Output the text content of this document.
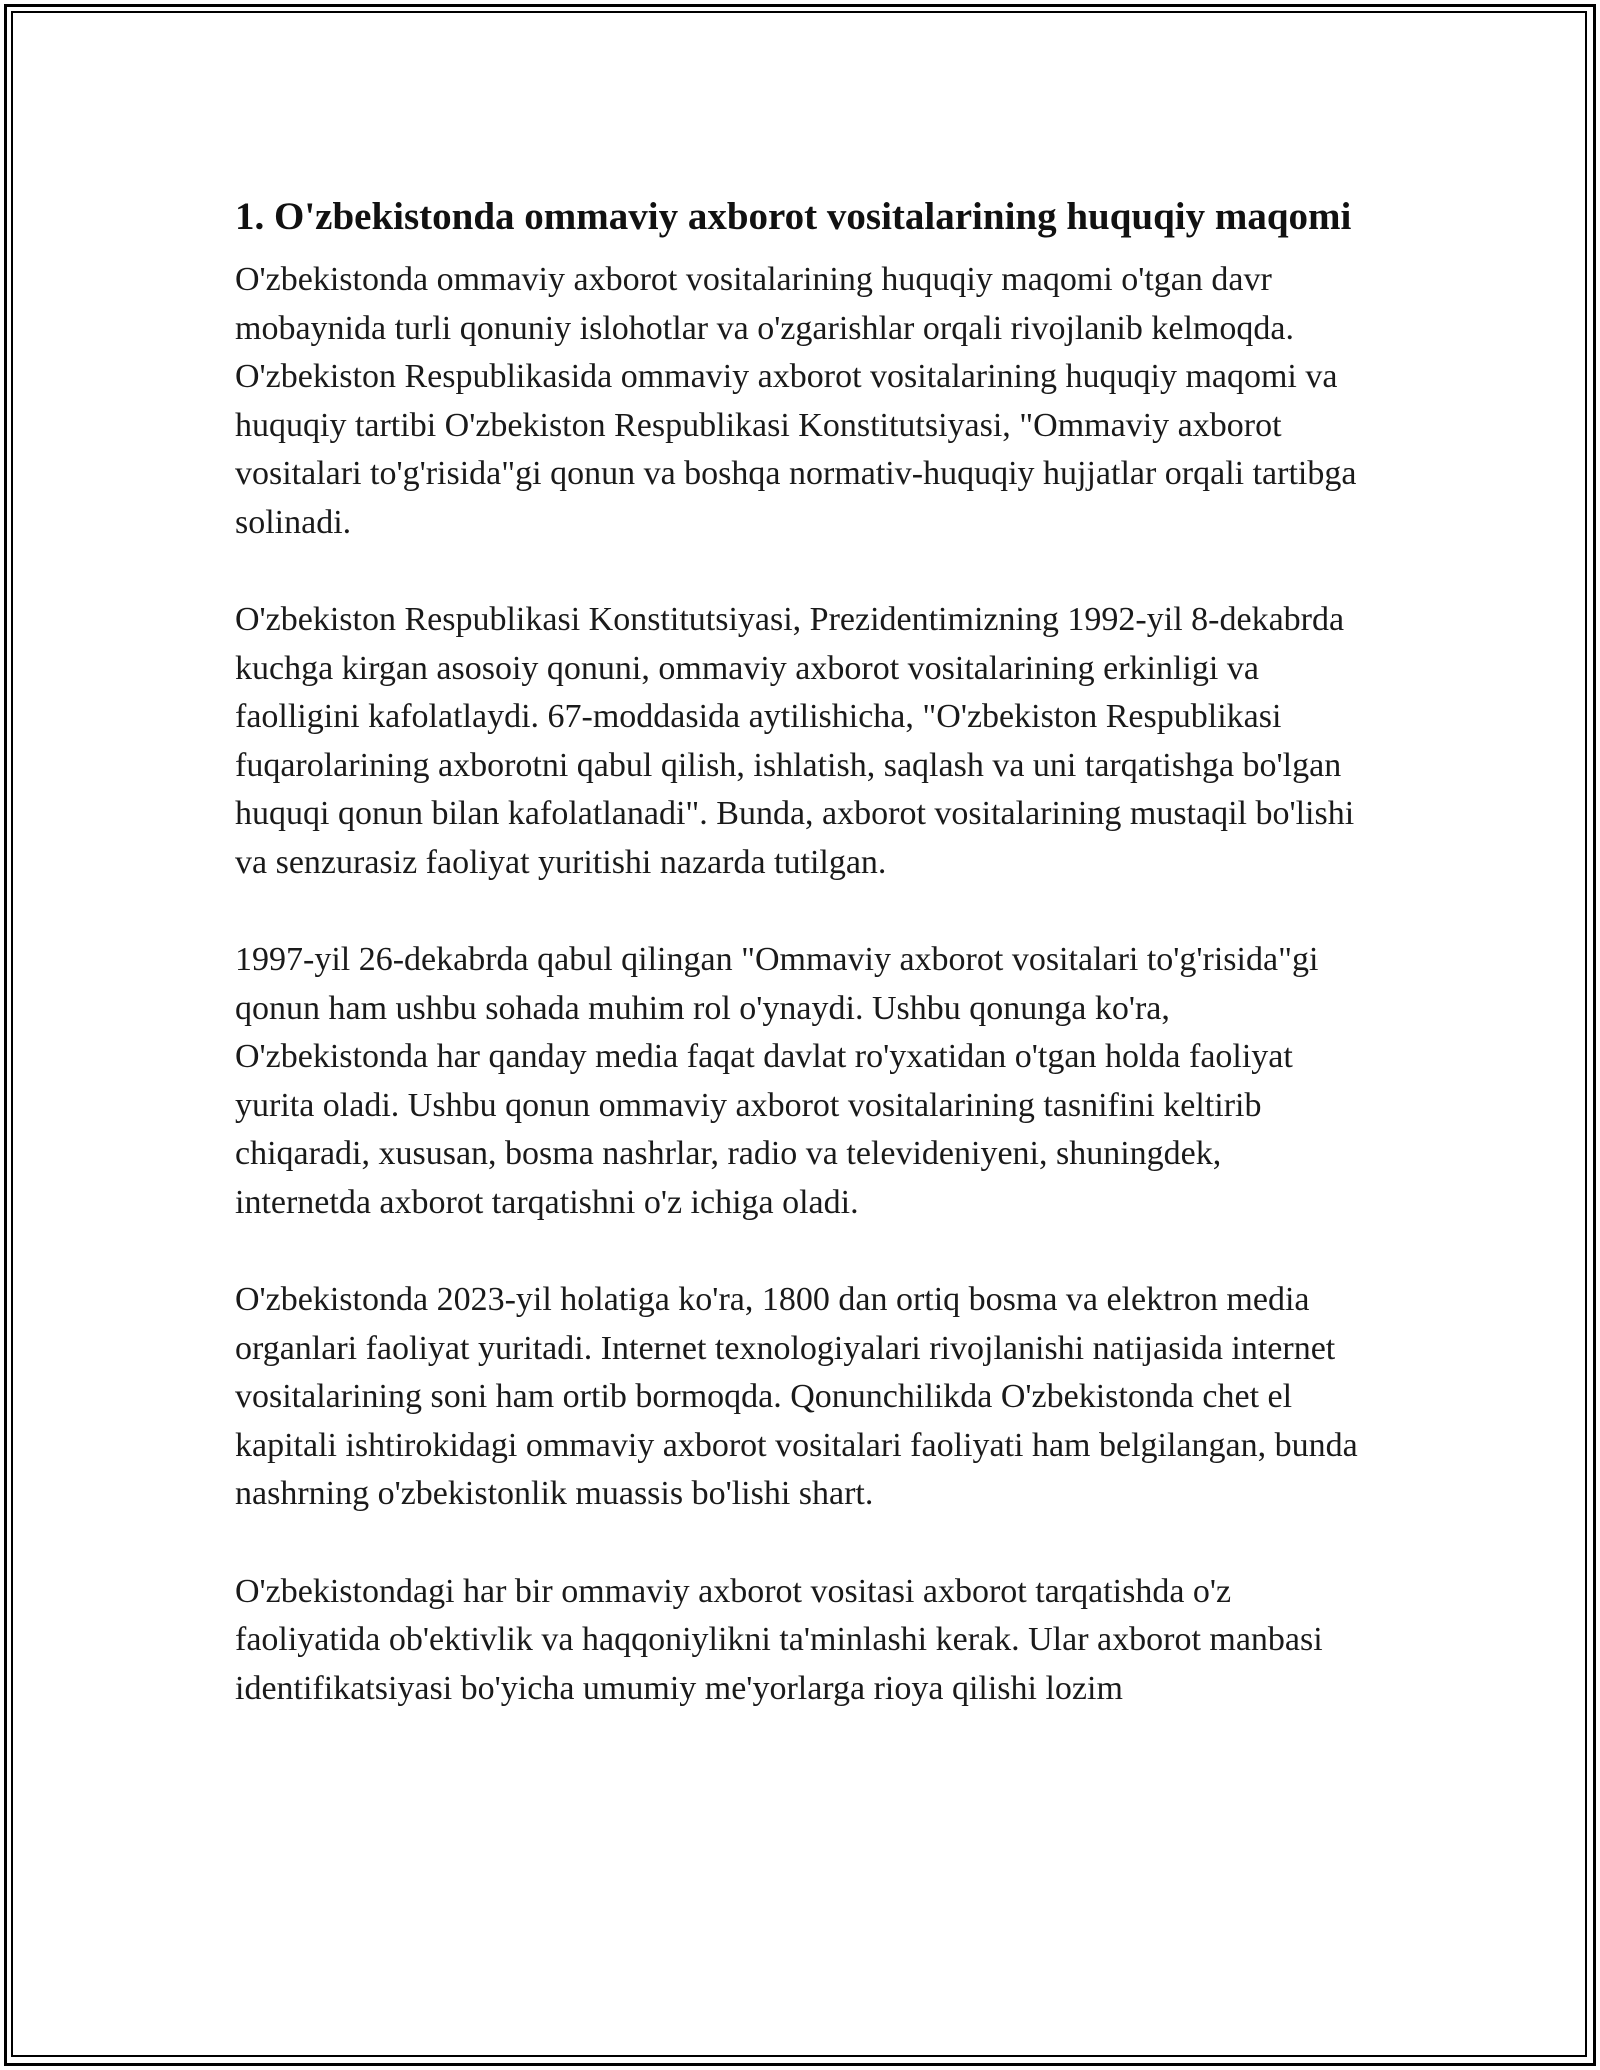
1. O'zbekistonda ommaviy axborot vositalarining huquqiy maqomi

O'zbekistonda ommaviy axborot vositalarining huquqiy maqomi o'tgan davr mobaynida turli qonuniy islohotlar va o'zgarishlar orqali rivojlanib kelmoqda. O'zbekiston Respublikasida ommaviy axborot vositalarining huquqiy maqomi va huquqiy tartibi O'zbekiston Respublikasi Konstitutsiyasi, "Ommaviy axborot vositalari to'g'risida"gi qonun va boshqa normativ-huquqiy hujjatlar orqali tartibga solinadi.

O'zbekiston Respublikasi Konstitutsiyasi, Prezidentimizning 1992-yil 8-dekabrda kuchga kirgan asosoiy qonuni, ommaviy axborot vositalarining erkinligi va faolligini kafolatlaydi. 67-moddasida aytilishicha, "O'zbekiston Respublikasi fuqarolarining axborotni qabul qilish, ishlatish, saqlash va uni tarqatishga bo'lgan huquqi qonun bilan kafolatlanadi". Bunda, axborot vositalarining mustaqil bo'lishi va senzurasiz faoliyat yuritishi nazarda tutilgan.

1997-yil 26-dekabrda qabul qilingan "Ommaviy axborot vositalari to'g'risida"gi qonun ham ushbu sohada muhim rol o'ynaydi. Ushbu qonunga ko'ra, O'zbekistonda har qanday media faqat davlat ro'yxatidan o'tgan holda faoliyat yurita oladi. Ushbu qonun ommaviy axborot vositalarining tasnifini keltirib chiqaradi, xususan, bosma nashrlar, radio va televideniyeni, shuningdek, internetda axborot tarqatishni o'z ichiga oladi.

O'zbekistonda 2023-yil holatiga ko'ra, 1800 dan ortiq bosma va elektron media organlari faoliyat yuritadi. Internet texnologiyalari rivojlanishi natijasida internet vositalarining soni ham ortib bormoqda. Qonunchilikda O'zbekistonda chet el kapitali ishtirokidagi ommaviy axborot vositalari faoliyati ham belgilangan, bunda nashrning o'zbekistonlik muassis bo'lishi shart.

O'zbekistondagi har bir ommaviy axborot vositasi axborot tarqatishda o'z faoliyatida ob'ektivlik va haqqoniylikni ta'minlashi kerak. Ular axborot manbasi identifikatsiyasi bo'yicha umumiy me'yorlarga rioya qilishi lozim
